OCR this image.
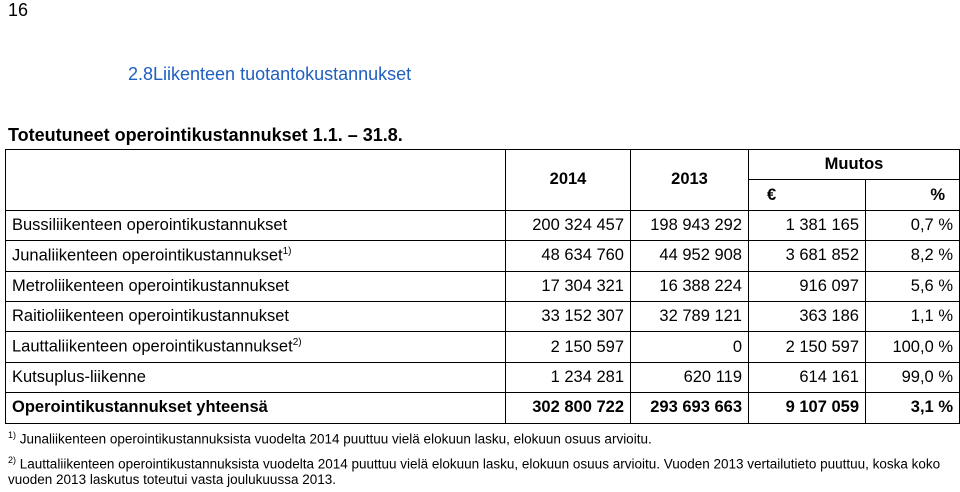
16
2.8Liikenteen tuotantokustannukset
Toteutuneet operointikustannukset 1.1. – 31.8.
	2014	2013	Muutos	
			€	%
Bussiliikenteen operointikustannukset	200 324 457	198 943 292	1 381 165	0,7 %
Junaliikenteen operointikustannukset$^{1)}$	48 634 760	44 952 908	3 681 852	8,2 %
Metroliikenteen operointikustannukset	17 304 321	16 388 224	916 097	5,6 %
Raitioliikenteen operointikustannukset	33 152 307	32 789 121	363 186	1,1 %
Lauttaliikenteen operointikustannukset$^{2)}$	2 150 597	0	2 150 597	100,0 %
Kutsuplus-liikenne	1 234 281	620 119	614 161	99,0 %
Operointikustannukset yhteensä	302 800 722	293 693 663	9 107 059	3,1 %

$^{1)}$ Junaliikenteen operointikustannuksista vuodelta 2014 puuttuu vielä elokuun lasku, elokuun osuus arvioitu.

$^{2)}$ Lauttaliikenteen operointikustannuksista vuodelta 2014 puuttuu vielä elokuun lasku, elokuun osuus arvioitu. Vuoden 2013 vertailutieto puuttuu, koska koko vuoden 2013 laskutus toteutui vasta joulukuussa 2013.
